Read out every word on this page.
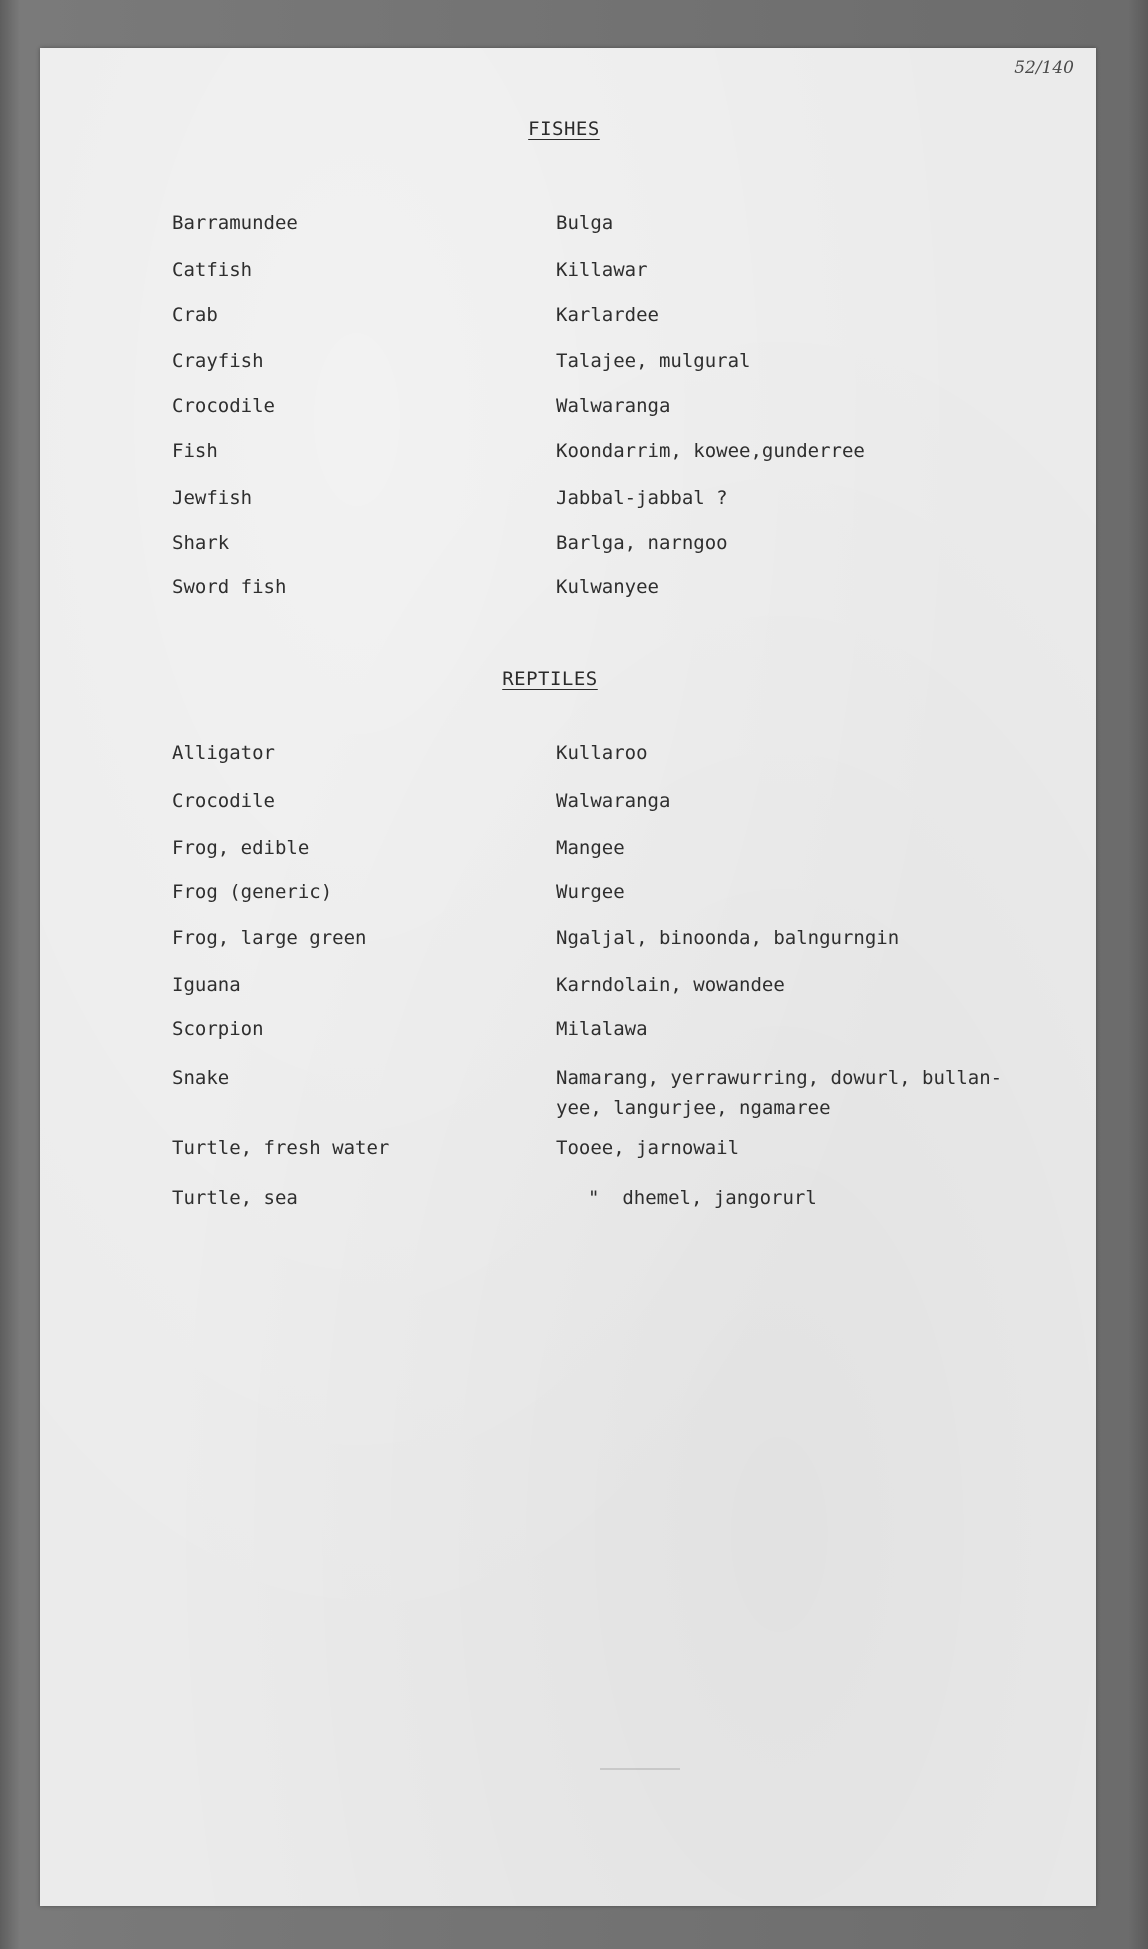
52/140
FISHES
Barramundee	Bulga
Catfish	Killawar
Crab	Karlardee
Crayfish	Talajee, mulgural
Crocodile	Walwaranga
Fish	Koondarrim, kowee,gunderree
Jewfish	Jabbal-jabbal ?
Shark	Barlga, narngoo
Sword fish	Kulwanyee
REPTILES
Alligator	Kullaroo
Crocodile	Walwaranga
Frog, edible	Mangee
Frog (generic)	Wurgee
Frog, large green	Ngaljal, binoonda, balngurngin
Iguana	Karndolain, wowandee
Scorpion	Milalawa
Snake	Namarang, yerrawurring, dowurl, bullan-
yee, langurjee, ngamaree
Turtle, fresh water	Tooee, jarnowail
Turtle, sea	"  dhemel, jangorurl
